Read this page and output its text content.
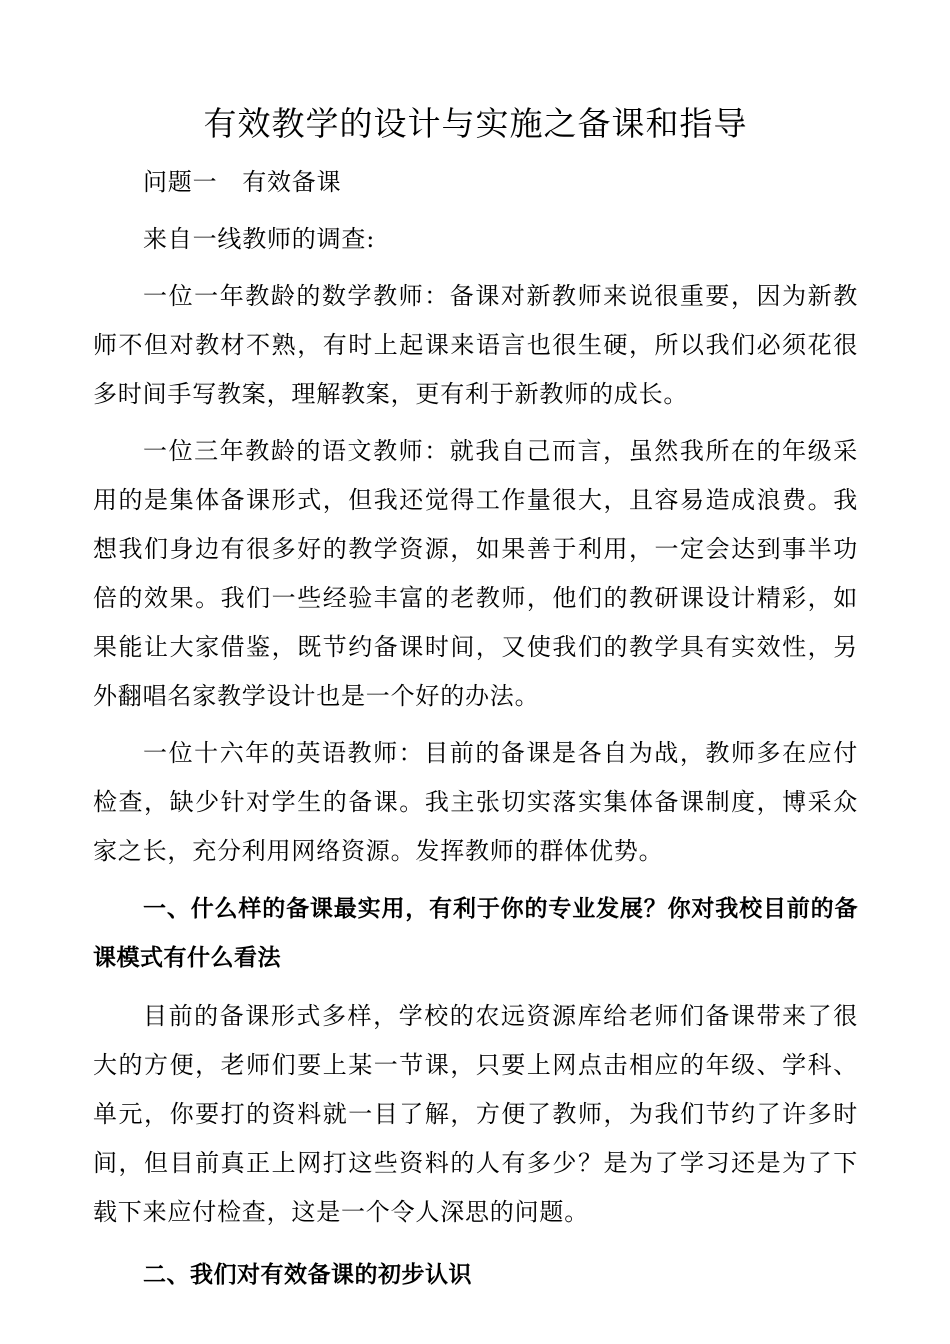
有效教学的设计与实施之备课和指导

问题一　有效备课

来自一线教师的调查:

一位一年教龄的数学教师：备课对新教师来说很重要，因为新教师不但对教材不熟，有时上起课来语言也很生硬，所以我们必须花很多时间手写教案，理解教案，更有利于新教师的成长。

一位三年教龄的语文教师：就我自己而言，虽然我所在的年级采用的是集体备课形式，但我还觉得工作量很大，且容易造成浪费。我想我们身边有很多好的教学资源，如果善于利用，一定会达到事半功倍的效果。我们一些经验丰富的老教师，他们的教研课设计精彩，如果能让大家借鉴，既节约备课时间，又使我们的教学具有实效性，另外翻唱名家教学设计也是一个好的办法。

一位十六年的英语教师：目前的备课是各自为战，教师多在应付检查，缺少针对学生的备课。我主张切实落实集体备课制度，博采众家之长，充分利用网络资源。发挥教师的群体优势。

一、什么样的备课最实用，有利于你的专业发展？你对我校目前的备课模式有什么看法

目前的备课形式多样，学校的农远资源库给老师们备课带来了很大的方便，老师们要上某一节课，只要上网点击相应的年级、学科、单元，你要打的资料就一目了解，方便了教师，为我们节约了许多时间，但目前真正上网打这些资料的人有多少？是为了学习还是为了下载下来应付检查，这是一个令人深思的问题。

二、我们对有效备课的初步认识
